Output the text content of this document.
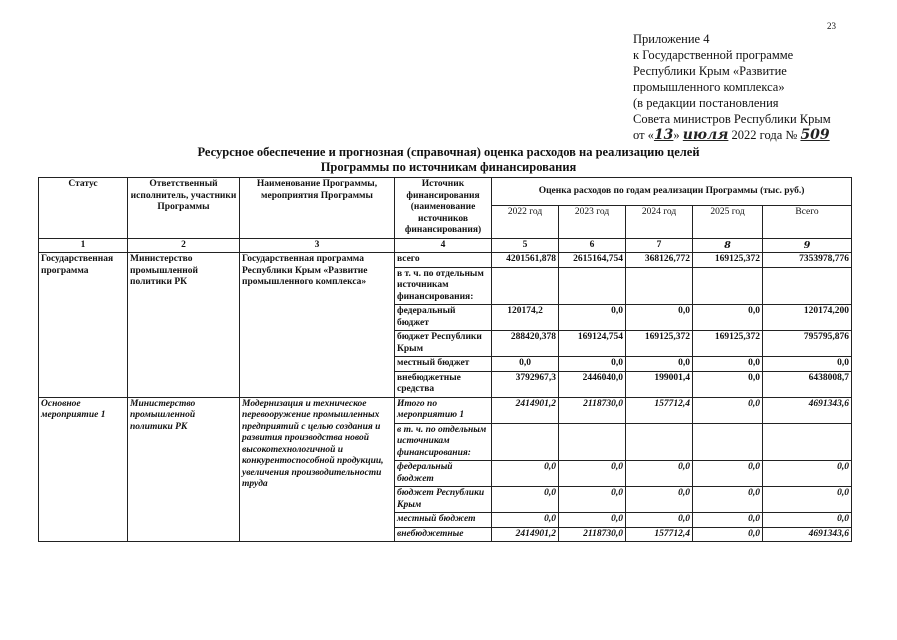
23
Приложение 4
к Государственной программе
Республики Крым «Развитие
промышленного комплекса»
(в редакции постановления
Совета министров Республики Крым
от «13» июля 2022 года № 509
Ресурсное обеспечение и прогнозная (справочная) оценка расходов на реализацию целей
Программы по источникам финансирования
Статус	Ответственный исполнитель, участники Программы	Наименование Программы, мероприятия Программы	Источник финансирования (наименование источников финансирования)	Оценка расходов по годам реализации Программы (тыс. руб.)				
				2022 год	2023 год	2024 год	2025 год	Всего
1	2	3	4	5	6	7	8	9
Государственная программа	Министерство промышленной политики РК	Государственная программа Республики Крым «Развитие промышленного комплекса»	всего	4201561,878	2615164,754	368126,772	169125,372	7353978,776
			в т. ч. по отдельным источникам финансирования:					
			федеральный бюджет	120174,2	0,0	0,0	0,0	120174,200
			бюджет Республики Крым	288420,378	169124,754	169125,372	169125,372	795795,876
			местный бюджет	0,0	0,0	0,0	0,0	0,0
			внебюджетные средства	3792967,3	2446040,0	199001,4	0,0	6438008,7
Основное мероприятие 1	Министерство промышленной политики РК	Модернизация и техническое перевооружение промышленных предприятий с целью создания и развития производства новой высокотехнологичной и конкурентоспособной продукции, увеличения производительности труда	Итого по мероприятию 1	2414901,2	2118730,0	157712,4	0,0	4691343,6
			в т. ч. по отдельным источникам финансирования:					
			федеральный бюджет	0,0	0,0	0,0	0,0	0,0
			бюджет Республики Крым	0,0	0,0	0,0	0,0	0,0
			местный бюджет	0,0	0,0	0,0	0,0	0,0
			внебюджетные	2414901,2	2118730,0	157712,4	0,0	4691343,6
